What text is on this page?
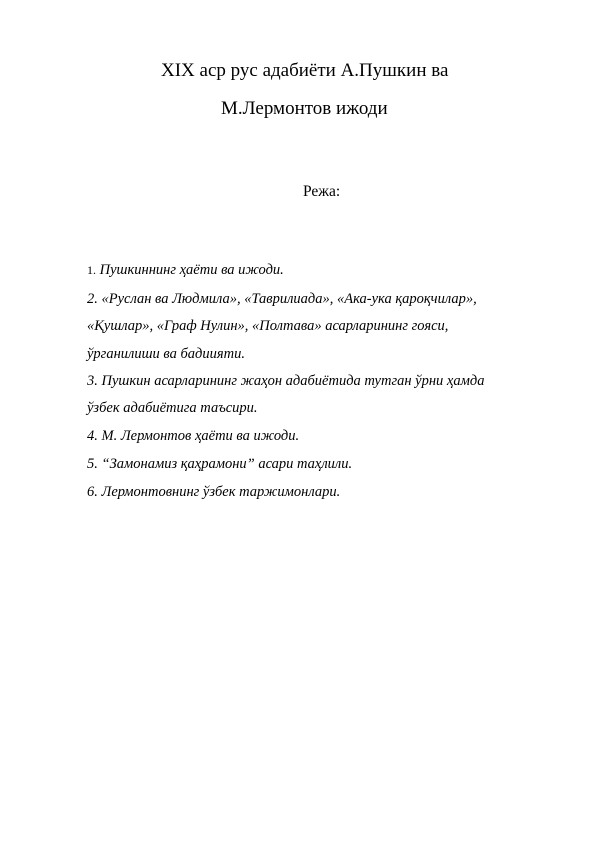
XIX аср рус адабиёти А.Пушкин ва
М.Лермонтов ижоди
Режа:
1. Пушкиннинг ҳаёти ва ижоди.
2. «Руслан ва Людмила», «Таврилиада», «Ака-ука қароқчилар»,
«Қушлар», «Граф Нулин», «Полтава» асарларининг гояси,
ўрганилиши ва бадиияти.
3. Пушкин асарларининг жаҳон адабиётида тутган ўрни ҳамда
ўзбек адабиётига таъсири.
4. М. Лермонтов ҳаёти ва ижоди.
5. “Замонамиз қаҳрамони” асари таҳлили.
6. Лермонтовнинг ўзбек таржимонлари.
